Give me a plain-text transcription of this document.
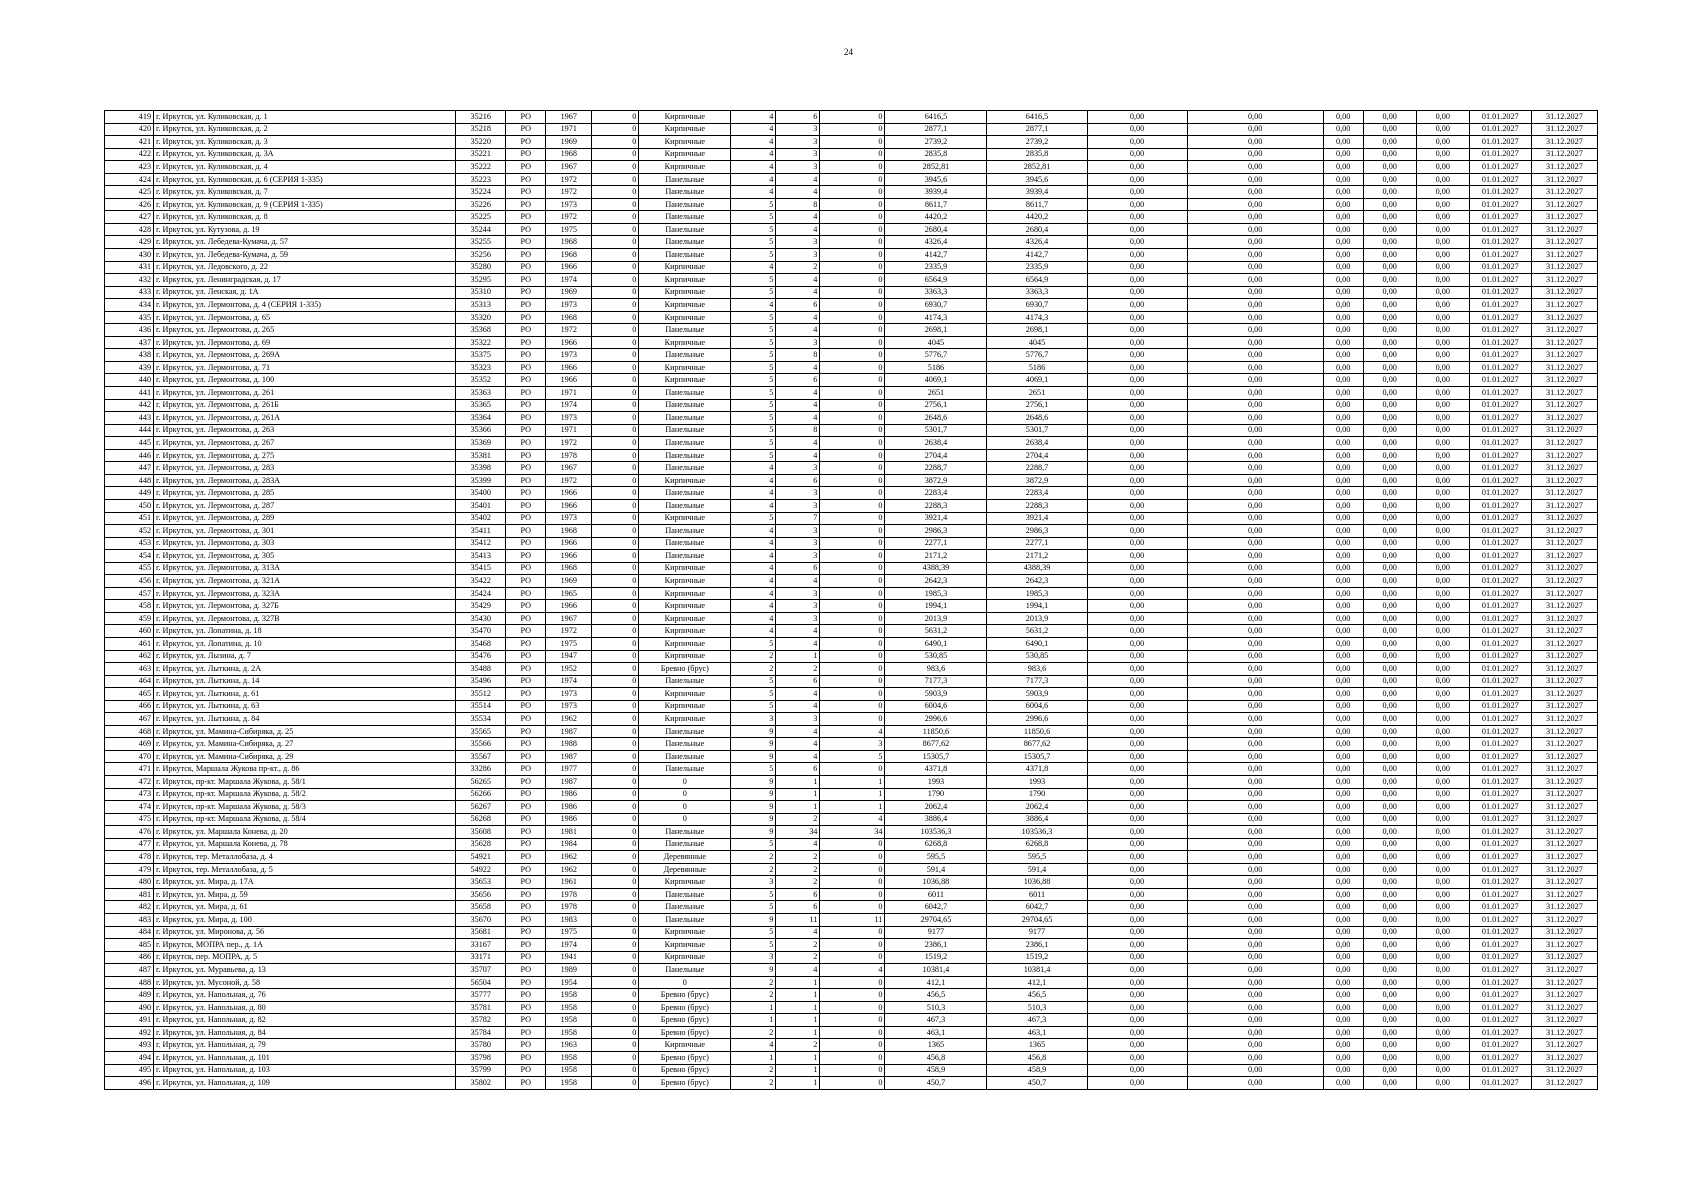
24
419	г. Иркутск, ул. Куликовская, д. 1	35216	РО	1967	0	Кирпичные	4	6	0	6416,5	6416,5	0,00	0,00	0,00	0,00	0,00	01.01.2027	31.12.2027
420	г. Иркутск, ул. Куликовская, д. 2	35218	РО	1971	0	Кирпичные	4	3	0	2877,1	2877,1	0,00	0,00	0,00	0,00	0,00	01.01.2027	31.12.2027
421	г. Иркутск, ул. Куликовская, д. 3	35220	РО	1969	0	Кирпичные	4	3	0	2739,2	2739,2	0,00	0,00	0,00	0,00	0,00	01.01.2027	31.12.2027
422	г. Иркутск, ул. Куликовская, д. 3А	35221	РО	1968	0	Кирпичные	4	3	0	2835,8	2835,8	0,00	0,00	0,00	0,00	0,00	01.01.2027	31.12.2027
423	г. Иркутск, ул. Куликовская, д. 4	35222	РО	1967	0	Кирпичные	4	3	0	2852,81	2852,81	0,00	0,00	0,00	0,00	0,00	01.01.2027	31.12.2027
424	г. Иркутск, ул. Куликовская, д. 6 (СЕРИЯ 1-335)	35223	РО	1972	0	Панельные	4	4	0	3945,6	3945,6	0,00	0,00	0,00	0,00	0,00	01.01.2027	31.12.2027
425	г. Иркутск, ул. Куликовская, д. 7	35224	РО	1972	0	Панельные	4	4	0	3939,4	3939,4	0,00	0,00	0,00	0,00	0,00	01.01.2027	31.12.2027
426	г. Иркутск, ул. Куликовская, д. 9 (СЕРИЯ 1-335)	35226	РО	1973	0	Панельные	5	8	0	8611,7	8611,7	0,00	0,00	0,00	0,00	0,00	01.01.2027	31.12.2027
427	г. Иркутск, ул. Куликовская, д. 8	35225	РО	1972	0	Панельные	5	4	0	4420,2	4420,2	0,00	0,00	0,00	0,00	0,00	01.01.2027	31.12.2027
428	г. Иркутск, ул. Кутузова, д. 19	35244	РО	1975	0	Панельные	5	4	0	2680,4	2680,4	0,00	0,00	0,00	0,00	0,00	01.01.2027	31.12.2027
429	г. Иркутск, ул. Лебедева-Кумача, д. 57	35255	РО	1968	0	Панельные	5	3	0	4326,4	4326,4	0,00	0,00	0,00	0,00	0,00	01.01.2027	31.12.2027
430	г. Иркутск, ул. Лебедева-Кумача, д. 59	35256	РО	1968	0	Панельные	5	3	0	4142,7	4142,7	0,00	0,00	0,00	0,00	0,00	01.01.2027	31.12.2027
431	г. Иркутск, ул. Ледовского, д. 22	35280	РО	1966	0	Кирпичные	4	2	0	2335,9	2335,9	0,00	0,00	0,00	0,00	0,00	01.01.2027	31.12.2027
432	г. Иркутск, ул. Ленинградская, д. 17	35295	РО	1974	0	Кирпичные	5	4	0	6564,9	6564,9	0,00	0,00	0,00	0,00	0,00	01.01.2027	31.12.2027
433	г. Иркутск, ул. Ленская, д. 1А	35310	РО	1969	0	Кирпичные	5	4	0	3363,3	3363,3	0,00	0,00	0,00	0,00	0,00	01.01.2027	31.12.2027
434	г. Иркутск, ул. Лермонтова, д. 4 (СЕРИЯ 1-335)	35313	РО	1973	0	Кирпичные	4	6	0	6930,7	6930,7	0,00	0,00	0,00	0,00	0,00	01.01.2027	31.12.2027
435	г. Иркутск, ул. Лермонтова, д. 65	35320	РО	1968	0	Кирпичные	5	4	0	4174,3	4174,3	0,00	0,00	0,00	0,00	0,00	01.01.2027	31.12.2027
436	г. Иркутск, ул. Лермонтова, д. 265	35368	РО	1972	0	Панельные	5	4	0	2698,1	2698,1	0,00	0,00	0,00	0,00	0,00	01.01.2027	31.12.2027
437	г. Иркутск, ул. Лермонтова, д. 69	35322	РО	1966	0	Кирпичные	5	3	0	4045	4045	0,00	0,00	0,00	0,00	0,00	01.01.2027	31.12.2027
438	г. Иркутск, ул. Лермонтова, д. 269А	35375	РО	1973	0	Панельные	5	8	0	5776,7	5776,7	0,00	0,00	0,00	0,00	0,00	01.01.2027	31.12.2027
439	г. Иркутск, ул. Лермонтова, д. 71	35323	РО	1966	0	Кирпичные	5	4	0	5186	5186	0,00	0,00	0,00	0,00	0,00	01.01.2027	31.12.2027
440	г. Иркутск, ул. Лермонтова, д. 100	35352	РО	1966	0	Кирпичные	5	6	0	4069,1	4069,1	0,00	0,00	0,00	0,00	0,00	01.01.2027	31.12.2027
441	г. Иркутск, ул. Лермонтова, д. 261	35363	РО	1971	0	Панельные	5	4	0	2651	2651	0,00	0,00	0,00	0,00	0,00	01.01.2027	31.12.2027
442	г. Иркутск, ул. Лермонтова, д. 261Б	35365	РО	1974	0	Панельные	5	4	0	2756,1	2756,1	0,00	0,00	0,00	0,00	0,00	01.01.2027	31.12.2027
443	г. Иркутск, ул. Лермонтова, д. 261А	35364	РО	1973	0	Панельные	5	4	0	2648,6	2648,6	0,00	0,00	0,00	0,00	0,00	01.01.2027	31.12.2027
444	г. Иркутск, ул. Лермонтова, д. 263	35366	РО	1971	0	Панельные	5	8	0	5301,7	5301,7	0,00	0,00	0,00	0,00	0,00	01.01.2027	31.12.2027
445	г. Иркутск, ул. Лермонтова, д. 267	35369	РО	1972	0	Панельные	5	4	0	2638,4	2638,4	0,00	0,00	0,00	0,00	0,00	01.01.2027	31.12.2027
446	г. Иркутск, ул. Лермонтова, д. 275	35381	РО	1978	0	Панельные	5	4	0	2704,4	2704,4	0,00	0,00	0,00	0,00	0,00	01.01.2027	31.12.2027
447	г. Иркутск, ул. Лермонтова, д. 283	35398	РО	1967	0	Панельные	4	3	0	2288,7	2288,7	0,00	0,00	0,00	0,00	0,00	01.01.2027	31.12.2027
448	г. Иркутск, ул. Лермонтова, д. 283А	35399	РО	1972	0	Кирпичные	4	6	0	3872,9	3872,9	0,00	0,00	0,00	0,00	0,00	01.01.2027	31.12.2027
449	г. Иркутск, ул. Лермонтова, д. 285	35400	РО	1966	0	Панельные	4	3	0	2283,4	2283,4	0,00	0,00	0,00	0,00	0,00	01.01.2027	31.12.2027
450	г. Иркутск, ул. Лермонтова, д. 287	35401	РО	1966	0	Панельные	4	3	0	2288,3	2288,3	0,00	0,00	0,00	0,00	0,00	01.01.2027	31.12.2027
451	г. Иркутск, ул. Лермонтова, д. 289	35402	РО	1973	0	Кирпичные	5	7	0	3921,4	3921,4	0,00	0,00	0,00	0,00	0,00	01.01.2027	31.12.2027
452	г. Иркутск, ул. Лермонтова, д. 301	35411	РО	1968	0	Панельные	4	3	0	2986,3	2986,3	0,00	0,00	0,00	0,00	0,00	01.01.2027	31.12.2027
453	г. Иркутск, ул. Лермонтова, д. 303	35412	РО	1966	0	Панельные	4	3	0	2277,1	2277,1	0,00	0,00	0,00	0,00	0,00	01.01.2027	31.12.2027
454	г. Иркутск, ул. Лермонтова, д. 305	35413	РО	1966	0	Панельные	4	3	0	2171,2	2171,2	0,00	0,00	0,00	0,00	0,00	01.01.2027	31.12.2027
455	г. Иркутск, ул. Лермонтова, д. 313А	35415	РО	1968	0	Кирпичные	4	6	0	4388,39	4388,39	0,00	0,00	0,00	0,00	0,00	01.01.2027	31.12.2027
456	г. Иркутск, ул. Лермонтова, д. 321А	35422	РО	1969	0	Кирпичные	4	4	0	2642,3	2642,3	0,00	0,00	0,00	0,00	0,00	01.01.2027	31.12.2027
457	г. Иркутск, ул. Лермонтова, д. 323А	35424	РО	1965	0	Кирпичные	4	3	0	1985,3	1985,3	0,00	0,00	0,00	0,00	0,00	01.01.2027	31.12.2027
458	г. Иркутск, ул. Лермонтова, д. 327Б	35429	РО	1966	0	Кирпичные	4	3	0	1994,1	1994,1	0,00	0,00	0,00	0,00	0,00	01.01.2027	31.12.2027
459	г. Иркутск, ул. Лермонтова, д. 327В	35430	РО	1967	0	Кирпичные	4	3	0	2013,9	2013,9	0,00	0,00	0,00	0,00	0,00	01.01.2027	31.12.2027
460	г. Иркутск, ул. Лопатина, д. 18	35470	РО	1972	0	Кирпичные	4	4	0	5631,2	5631,2	0,00	0,00	0,00	0,00	0,00	01.01.2027	31.12.2027
461	г. Иркутск, ул. Лопатина, д. 10	35468	РО	1975	0	Кирпичные	5	4	0	6490,1	6490,1	0,00	0,00	0,00	0,00	0,00	01.01.2027	31.12.2027
462	г. Иркутск, ул. Лызина, д. 7	35476	РО	1947	0	Кирпичные	2	1	0	530,85	530,85	0,00	0,00	0,00	0,00	0,00	01.01.2027	31.12.2027
463	г. Иркутск, ул. Лыткина, д. 2А	35488	РО	1952	0	Бревно (брус)	2	2	0	983,6	983,6	0,00	0,00	0,00	0,00	0,00	01.01.2027	31.12.2027
464	г. Иркутск, ул. Лыткина, д. 14	35496	РО	1974	0	Панельные	5	6	0	7177,3	7177,3	0,00	0,00	0,00	0,00	0,00	01.01.2027	31.12.2027
465	г. Иркутск, ул. Лыткина, д. 61	35512	РО	1973	0	Кирпичные	5	4	0	5903,9	5903,9	0,00	0,00	0,00	0,00	0,00	01.01.2027	31.12.2027
466	г. Иркутск, ул. Лыткина, д. 63	35514	РО	1973	0	Кирпичные	5	4	0	6004,6	6004,6	0,00	0,00	0,00	0,00	0,00	01.01.2027	31.12.2027
467	г. Иркутск, ул. Лыткина, д. 84	35534	РО	1962	0	Кирпичные	3	3	0	2996,6	2996,6	0,00	0,00	0,00	0,00	0,00	01.01.2027	31.12.2027
468	г. Иркутск, ул. Мамина-Сибиряка, д. 25	35565	РО	1987	0	Панельные	9	4	4	11850,6	11850,6	0,00	0,00	0,00	0,00	0,00	01.01.2027	31.12.2027
469	г. Иркутск, ул. Мамина-Сибиряка, д. 27	35566	РО	1988	0	Панельные	9	4	3	8677,62	8677,62	0,00	0,00	0,00	0,00	0,00	01.01.2027	31.12.2027
470	г. Иркутск, ул. Мамина-Сибиряка, д. 29	35567	РО	1987	0	Панельные	9	4	5	15305,7	15305,7	0,00	0,00	0,00	0,00	0,00	01.01.2027	31.12.2027
471	г. Иркутск, Маршала Жукова пр-кт., д. 86	33286	РО	1977	0	Панельные	5	6	0	4371,8	4371,8	0,00	0,00	0,00	0,00	0,00	01.01.2027	31.12.2027
472	г. Иркутск, пр-кт. Маршала Жукова, д. 58/1	56265	РО	1987	0	0	9	1	1	1993	1993	0,00	0,00	0,00	0,00	0,00	01.01.2027	31.12.2027
473	г. Иркутск, пр-кт. Маршала Жукова, д. 58/2	56266	РО	1986	0	0	9	1	1	1790	1790	0,00	0,00	0,00	0,00	0,00	01.01.2027	31.12.2027
474	г. Иркутск, пр-кт. Маршала Жукова, д. 58/3	56267	РО	1986	0	0	9	1	1	2062,4	2062,4	0,00	0,00	0,00	0,00	0,00	01.01.2027	31.12.2027
475	г. Иркутск, пр-кт. Маршала Жукова, д. 58/4	56268	РО	1986	0	0	9	2	4	3886,4	3886,4	0,00	0,00	0,00	0,00	0,00	01.01.2027	31.12.2027
476	г. Иркутск, ул. Маршала Конева, д. 20	35608	РО	1981	0	Панельные	9	34	34	103536,3	103536,3	0,00	0,00	0,00	0,00	0,00	01.01.2027	31.12.2027
477	г. Иркутск, ул. Маршала Конева, д. 78	35628	РО	1984	0	Панельные	5	4	0	6268,8	6268,8	0,00	0,00	0,00	0,00	0,00	01.01.2027	31.12.2027
478	г. Иркутск, тер. Металлобаза, д. 4	54921	РО	1962	0	Деревянные	2	2	0	595,5	595,5	0,00	0,00	0,00	0,00	0,00	01.01.2027	31.12.2027
479	г. Иркутск, тер. Металлобаза, д. 5	54922	РО	1962	0	Деревянные	2	2	0	591,4	591,4	0,00	0,00	0,00	0,00	0,00	01.01.2027	31.12.2027
480	г. Иркутск, ул. Мира, д. 17А	35653	РО	1961	0	Кирпичные	3	2	0	1036,88	1036,88	0,00	0,00	0,00	0,00	0,00	01.01.2027	31.12.2027
481	г. Иркутск, ул. Мира, д. 59	35656	РО	1978	0	Панельные	5	6	0	6011	6011	0,00	0,00	0,00	0,00	0,00	01.01.2027	31.12.2027
482	г. Иркутск, ул. Мира, д. 61	35658	РО	1978	0	Панельные	5	6	0	6042,7	6042,7	0,00	0,00	0,00	0,00	0,00	01.01.2027	31.12.2027
483	г. Иркутск, ул. Мира, д. 100	35670	РО	1983	0	Панельные	9	11	11	29704,65	29704,65	0,00	0,00	0,00	0,00	0,00	01.01.2027	31.12.2027
484	г. Иркутск, ул. Миронова, д. 56	35681	РО	1975	0	Кирпичные	5	4	0	9177	9177	0,00	0,00	0,00	0,00	0,00	01.01.2027	31.12.2027
485	г. Иркутск, МОПРА пер., д. 1А	33167	РО	1974	0	Кирпичные	5	2	0	2386,1	2386,1	0,00	0,00	0,00	0,00	0,00	01.01.2027	31.12.2027
486	г. Иркутск, пер. МОПРА, д. 5	33171	РО	1941	0	Кирпичные	3	2	0	1519,2	1519,2	0,00	0,00	0,00	0,00	0,00	01.01.2027	31.12.2027
487	г. Иркутск, ул. Муравьева, д. 13	35707	РО	1989	0	Панельные	9	4	4	10381,4	10381,4	0,00	0,00	0,00	0,00	0,00	01.01.2027	31.12.2027
488	г. Иркутск, ул. Мусоной, д. 58	56504	РО	1954	0	0	2	1	0	412,1	412,1	0,00	0,00	0,00	0,00	0,00	01.01.2027	31.12.2027
489	г. Иркутск, ул. Напольная, д. 76	35777	РО	1958	0	Бревно (брус)	2	1	0	456,5	456,5	0,00	0,00	0,00	0,00	0,00	01.01.2027	31.12.2027
490	г. Иркутск, ул. Напольная, д. 80	35781	РО	1958	0	Бревно (брус)	1	1	0	510,3	510,3	0,00	0,00	0,00	0,00	0,00	01.01.2027	31.12.2027
491	г. Иркутск, ул. Напольная, д. 82	35782	РО	1958	0	Бревно (брус)	1	1	0	467,3	467,3	0,00	0,00	0,00	0,00	0,00	01.01.2027	31.12.2027
492	г. Иркутск, ул. Напольная, д. 84	35784	РО	1958	0	Бревно (брус)	2	1	0	463,1	463,1	0,00	0,00	0,00	0,00	0,00	01.01.2027	31.12.2027
493	г. Иркутск, ул. Напольная, д. 79	35780	РО	1963	0	Кирпичные	4	2	0	1365	1365	0,00	0,00	0,00	0,00	0,00	01.01.2027	31.12.2027
494	г. Иркутск, ул. Напольная, д. 101	35798	РО	1958	0	Бревно (брус)	1	1	0	456,8	456,8	0,00	0,00	0,00	0,00	0,00	01.01.2027	31.12.2027
495	г. Иркутск, ул. Напольная, д. 103	35799	РО	1958	0	Бревно (брус)	2	1	0	458,9	458,9	0,00	0,00	0,00	0,00	0,00	01.01.2027	31.12.2027
496	г. Иркутск, ул. Напольная, д. 109	35802	РО	1958	0	Бревно (брус)	2	1	0	450,7	450,7	0,00	0,00	0,00	0,00	0,00	01.01.2027	31.12.2027
